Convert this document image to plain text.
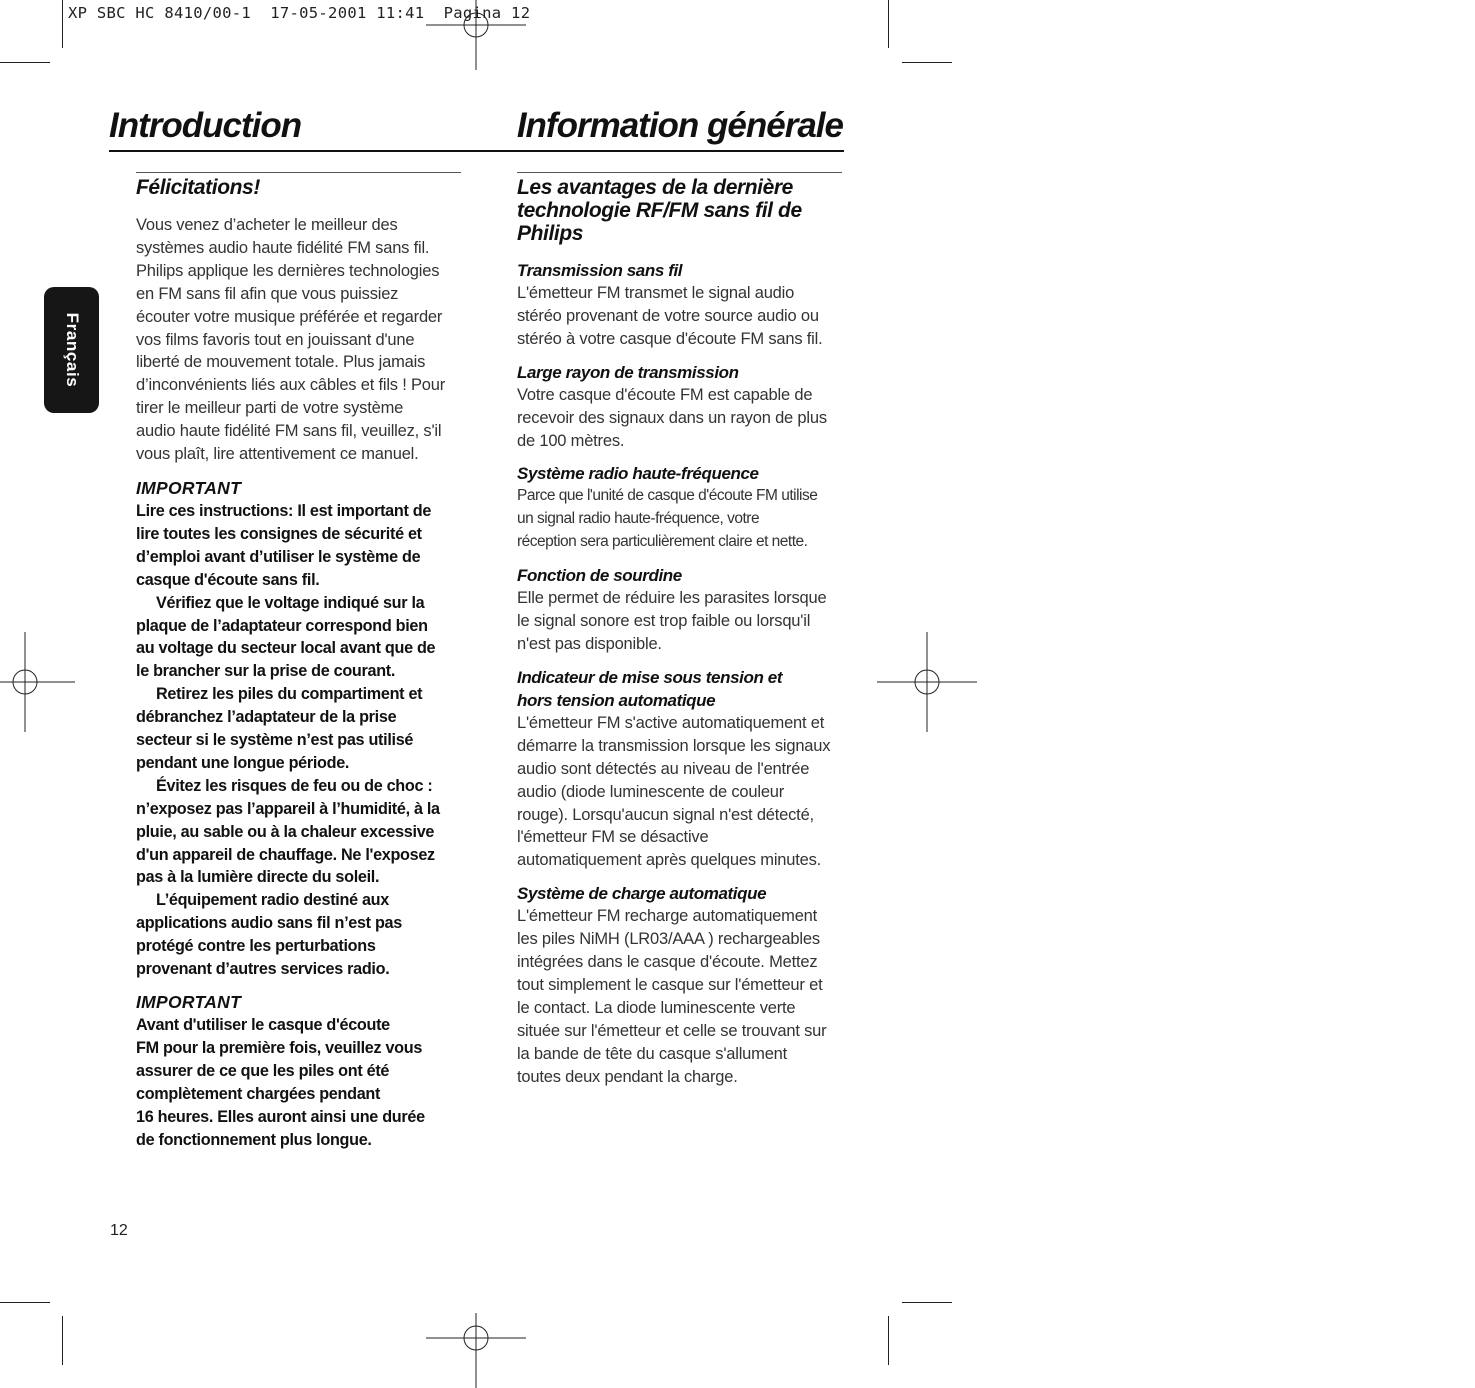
XP SBC HC 8410/00-1  17-05-2001 11:41  Pagina 12
Introduction	Information générale
Français
Félicitations!

Vous venez d’acheter le meilleur des
systèmes audio haute fidélité FM sans fil.
Philips applique les dernières technologies
en FM sans fil afin que vous puissiez
écouter votre musique préférée et regarder
vos films favoris tout en jouissant d'une
liberté de mouvement totale. Plus jamais
d’inconvénients liés aux câbles et fils ! Pour
tirer le meilleur parti de votre système
audio haute fidélité FM sans fil, veuillez, s'il
vous plaît, lire attentivement ce manuel.

IMPORTANT
Lire ces instructions: Il est important de
lire toutes les consignes de sécurité et
d’emploi avant d’utiliser le système de
casque d'écoute sans fil.
Vérifiez que le voltage indiqué sur la
plaque de l’adaptateur correspond bien
au voltage du secteur local avant que de
le brancher sur la prise de courant.
Retirez les piles du compartiment et
débranchez l’adaptateur de la prise
secteur si le système n’est pas utilisé
pendant une longue période.
Évitez les risques de feu ou de choc :
n’exposez pas l’appareil à l’humidité, à la
pluie, au sable ou à la chaleur excessive
d'un appareil de chauffage. Ne l'exposez
pas à la lumière directe du soleil.
L’équipement radio destiné aux
applications audio sans fil n’est pas
protégé contre les perturbations
provenant d’autres services radio.
IMPORTANT
Avant d'utiliser le casque d'écoute
FM pour la première fois, veuillez vous
assurer de ce que les piles ont été
complètement chargées pendant
16 heures. Elles auront ainsi une durée
de fonctionnement plus longue.
Les avantages de la dernière
technologie RF/FM sans fil de
Philips
Transmission sans fil

L'émetteur FM transmet le signal audio
stéréo provenant de votre source audio ou
stéréo à votre casque d'écoute FM sans fil.

Large rayon de transmission

Votre casque d'écoute FM est capable de
recevoir des signaux dans un rayon de plus
de 100 mètres.

Système radio haute-fréquence

Parce que l'unité de casque d'écoute FM utilise
un signal radio haute-fréquence, votre
réception sera particulièrement claire et nette.

Fonction de sourdine

Elle permet de réduire les parasites lorsque
le signal sonore est trop faible ou lorsqu'il
n'est pas disponible.

Indicateur de mise sous tension et
hors tension automatique

L'émetteur FM s'active automatiquement et
démarre la transmission lorsque les signaux
audio sont détectés au niveau de l'entrée
audio (diode luminescente de couleur
rouge). Lorsqu'aucun signal n'est détecté,
l'émetteur FM se désactive
automatiquement après quelques minutes.

Système de charge automatique

L'émetteur FM recharge automatiquement
les piles NiMH (LR03/AAA ) rechargeables
intégrées dans le casque d'écoute. Mettez
tout simplement le casque sur l'émetteur et
le contact. La diode luminescente verte
située sur l'émetteur et celle se trouvant sur
la bande de tête du casque s'allument
toutes deux pendant la charge.

12
